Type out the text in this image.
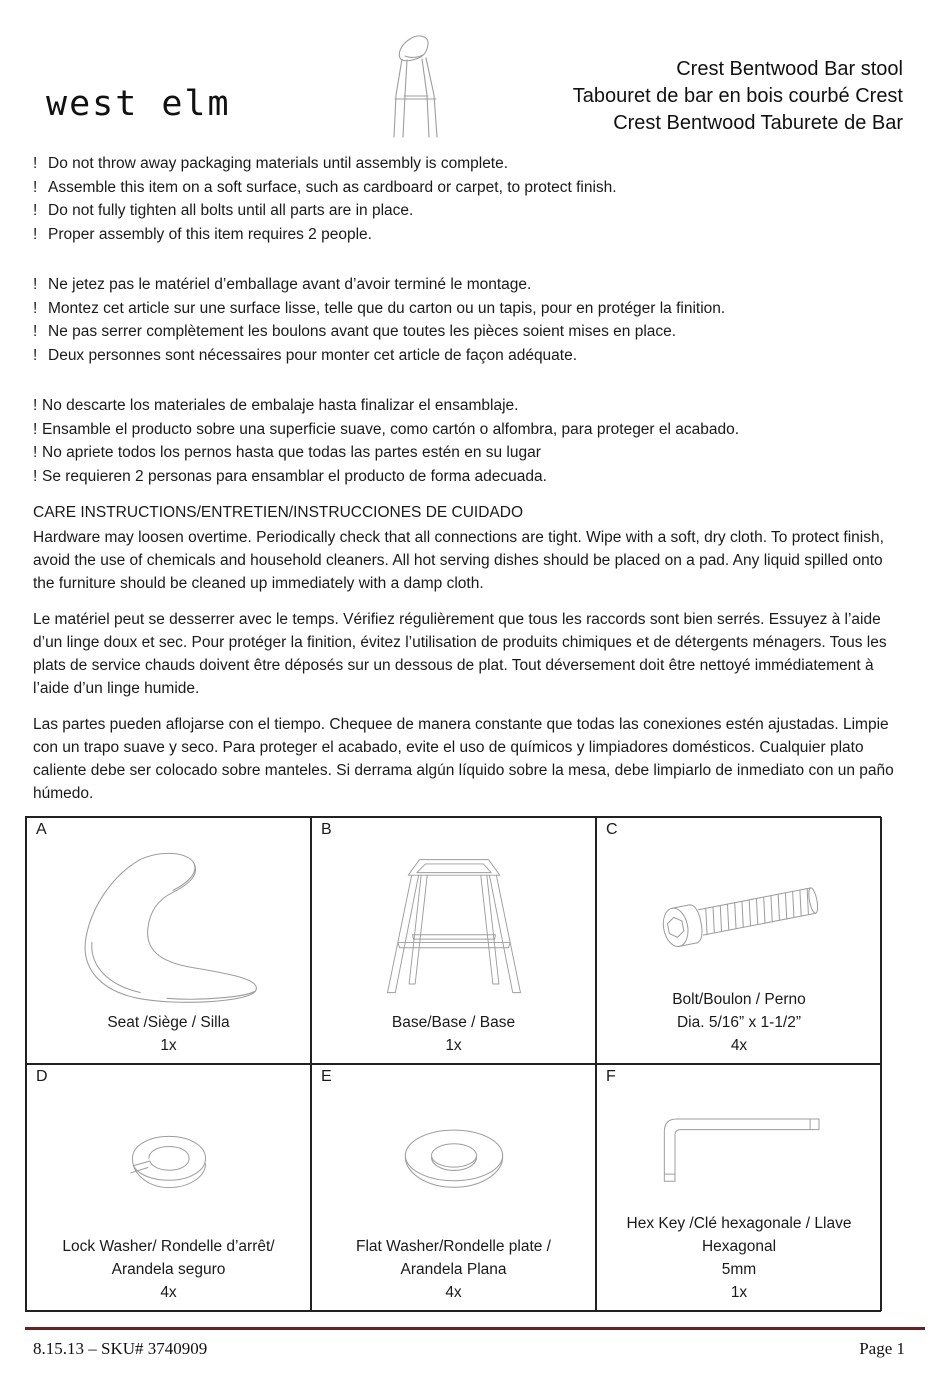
west elm
Crest Bentwood Bar stool
Tabouret de bar en bois courbé Crest
Crest Bentwood Taburete de Bar
! Do not throw away packaging materials until assembly is complete.
! Assemble this item on a soft surface, such as cardboard or carpet, to protect finish.
! Do not fully tighten all bolts until all parts are in place.
! Proper assembly of this item requires 2 people.
! Ne jetez pas le matériel d’emballage avant d’avoir terminé le montage.
! Montez cet article sur une surface lisse, telle que du carton ou un tapis, pour en protéger la finition.
! Ne pas serrer complètement les boulons avant que toutes les pièces soient mises en place.
! Deux personnes sont nécessaires pour monter cet article de façon adéquate.
! No descarte los materiales de embalaje hasta finalizar el ensamblaje.
! Ensamble el producto sobre una superficie suave, como cartón o alfombra, para proteger el acabado.
! No apriete todos los pernos hasta que todas las partes estén en su lugar
! Se requieren 2 personas para ensamblar el producto de forma adecuada.
CARE INSTRUCTIONS/ENTRETIEN/INSTRUCCIONES DE CUIDADO

Hardware may loosen overtime. Periodically check that all connections are tight. Wipe with a soft, dry cloth. To protect finish, avoid the use of chemicals and household cleaners. All hot serving dishes should be placed on a pad. Any liquid spilled onto the furniture should be cleaned up immediately with a damp cloth.

Le matériel peut se desserrer avec le temps. Vérifiez régulièrement que tous les raccords sont bien serrés. Essuyez à l’aide d’un linge doux et sec. Pour protéger la finition, évitez l’utilisation de produits chimiques et de détergents ménagers. Tous les plats de service chauds doivent être déposés sur un dessous de plat. Tout déversement doit être nettoyé immédiatement à l’aide d’un linge humide.

Las partes pueden aflojarse con el tiempo. Chequee de manera constante que todas las conexiones estén ajustadas. Limpie con un trapo suave y seco. Para proteger el acabado, evite el uso de químicos y limpiadores domésticos. Cualquier plato caliente debe ser colocado sobre manteles. Si derrama algún líquido sobre la mesa, debe limpiarlo de inmediato con un paño húmedo.

A
Seat /Siège / Silla
1x
B
Base/Base / Base
1x
C
Bolt/Boulon / Perno
Dia. 5/16” x 1-1/2”
4x
D
Lock Washer/ Rondelle d’arrêt/
Arandela seguro
4x
E
Flat Washer/Rondelle plate /
Arandela Plana
4x
F
Hex Key /Clé hexagonale / Llave
Hexagonal
5mm
1x
8.15.13 – SKU# 3740909	Page 1
